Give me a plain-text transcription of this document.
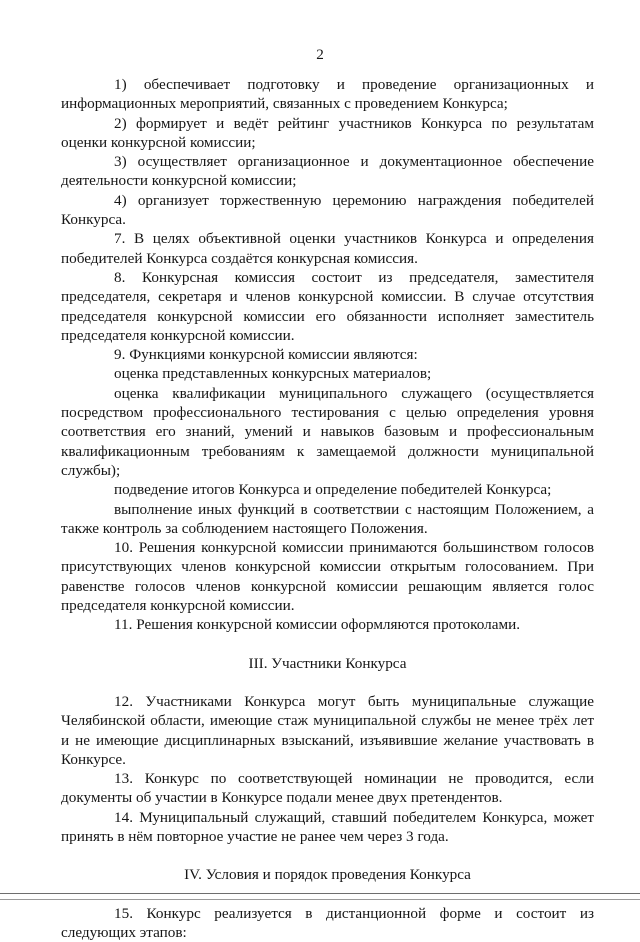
2

1) обеспечивает подготовку и проведение организационных и информационных мероприятий, связанных с проведением Конкурса;

2) формирует и ведёт рейтинг участников Конкурса по результатам оценки конкурсной комиссии;

3) осуществляет организационное и документационное обеспечение деятельности конкурсной комиссии;

4) организует торжественную церемонию награждения победителей Конкурса.

7. В целях объективной оценки участников Конкурса и определения победителей Конкурса создаётся конкурсная комиссия.

8. Конкурсная комиссия состоит из председателя, заместителя председателя, секретаря и членов конкурсной комиссии. В случае отсутствия председателя конкурсной комиссии его обязанности исполняет заместитель председателя конкурсной комиссии.

9. Функциями конкурсной комиссии являются:

оценка представленных конкурсных материалов;

оценка квалификации муниципального служащего (осуществляется посредством профессионального тестирования с целью определения уровня соответствия его знаний, умений и навыков базовым и профессиональным квалификационным требованиям к замещаемой должности муниципальной службы);

подведение итогов Конкурса и определение победителей Конкурса;

выполнение иных функций в соответствии с настоящим Положением, а также контроль за соблюдением настоящего Положения.

10. Решения конкурсной комиссии принимаются большинством голосов присутствующих членов конкурсной комиссии открытым голосованием. При равенстве голосов членов конкурсной комиссии решающим является голос председателя конкурсной комиссии.

11. Решения конкурсной комиссии оформляются протоколами.

III. Участники Конкурса

12. Участниками Конкурса могут быть муниципальные служащие Челябинской области, имеющие стаж муниципальной службы не менее трёх лет и не имеющие дисциплинарных взысканий, изъявившие желание участвовать в Конкурсе.

13. Конкурс по соответствующей номинации не проводится, если документы об участии в Конкурсе подали менее двух претендентов.

14. Муниципальный служащий, ставший победителем Конкурса, может принять в нём повторное участие не ранее чем через 3 года.

IV. Условия и порядок проведения Конкурса

15. Конкурс реализуется в дистанционной форме и состоит из следующих этапов:
